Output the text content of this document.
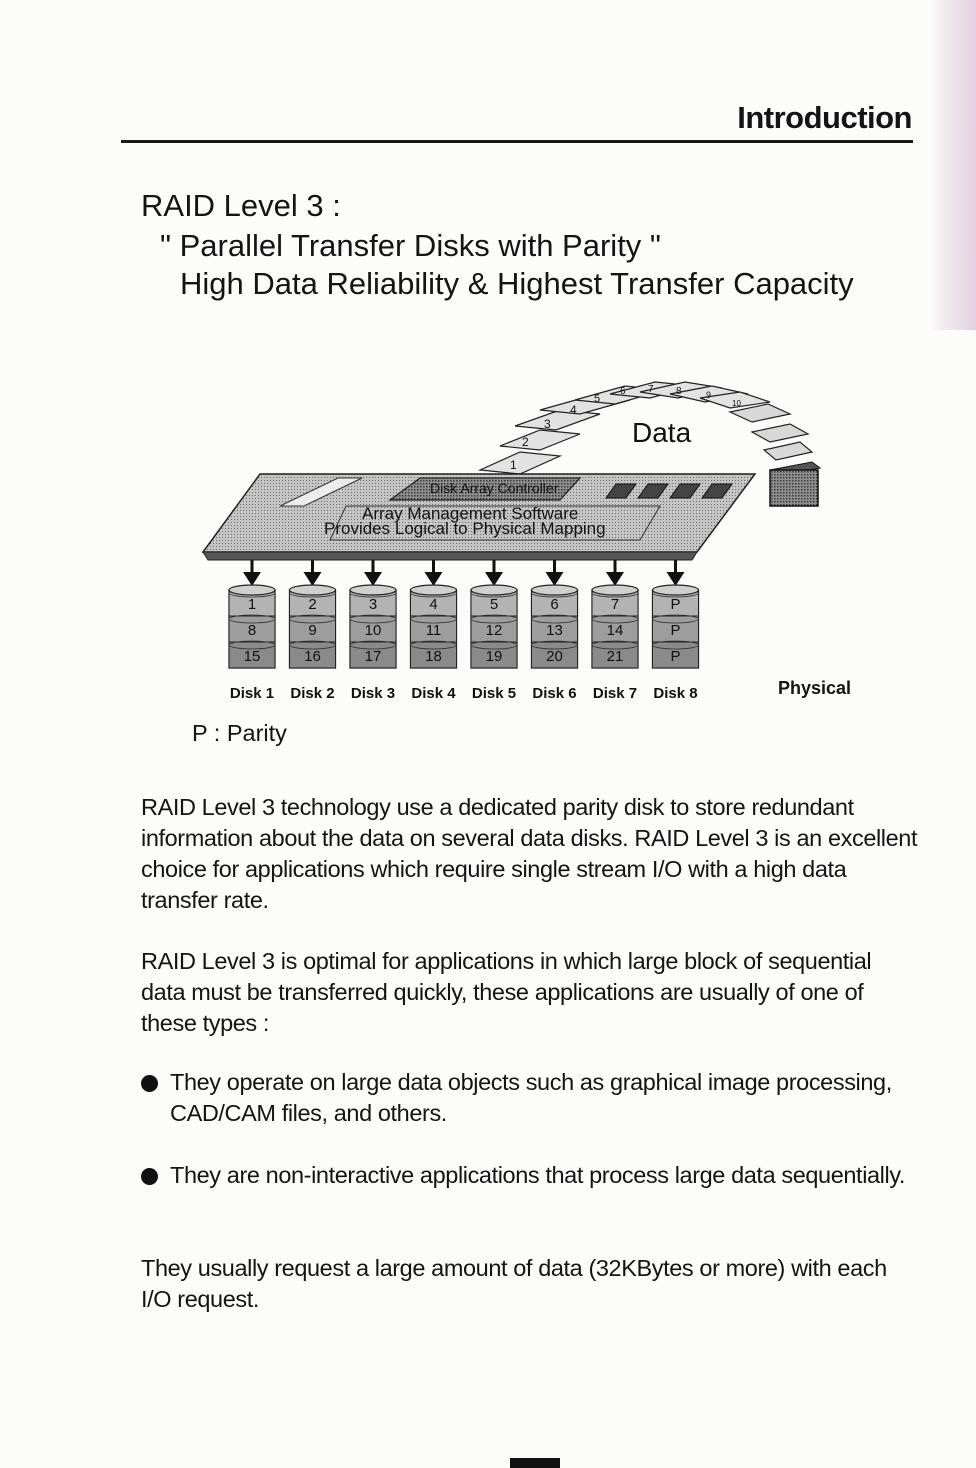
Introduction
RAID Level 3 :
" Parallel Transfer Disks with Parity "
High Data Reliability & Highest Transfer Capacity
1
2
3
4
5
6 7 8	9
10
Data
Disk Array Controller
Array Management Software
Provides Logical to Physical Mapping
1
8
15
Disk 1
2
9
16
Disk 2
3
10
17
Disk 3
4
11
18
Disk 4
5
12
19
Disk 5
6
13
20
Disk 6
7
14
21
Disk 7
P
P
P
Disk 8	Physical
P : Parity
RAID Level 3 technology use a dedicated parity disk to store redundant information about the data on several data disks. RAID Level 3 is an excellent choice for applications which require single stream I/O with a high data transfer rate.
RAID Level 3 is optimal for applications in which large block of sequential data must be transferred quickly, these applications are usually of one of these types :
They operate on large data objects such as graphical image processing, CAD/CAM files, and others.
They are non-interactive applications that process large data sequentially.
They usually request a large amount of data (32KBytes or more) with each I/O request.
